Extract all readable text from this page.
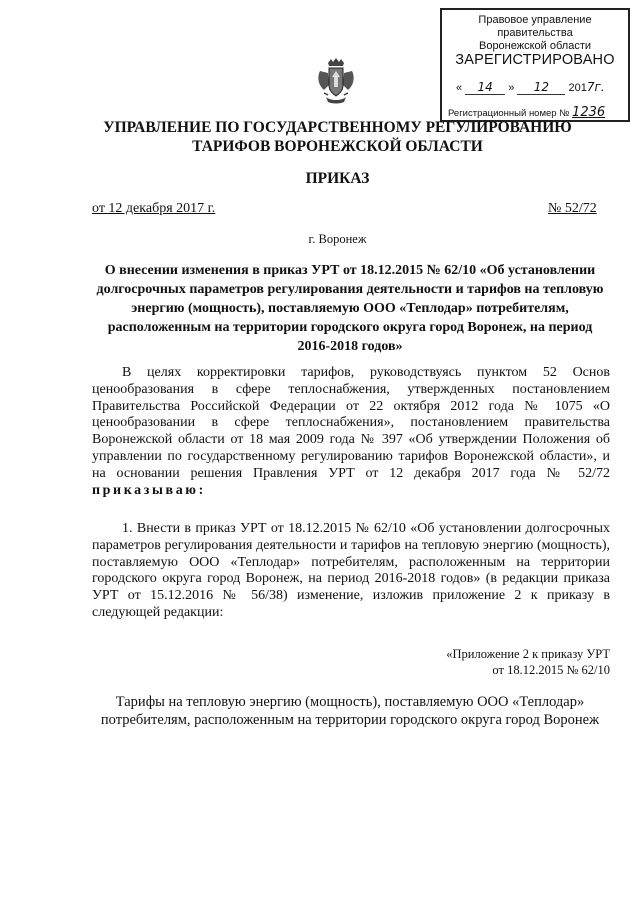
Правовое управление правительства
Воронежской области
ЗАРЕГИСТРИРОВАНО
« 14 » 12 2017г.
Регистрационный номер № 1236
УПРАВЛЕНИЕ ПО ГОСУДАРСТВЕННОМУ РЕГУЛИРОВАНИЮ
ТАРИФОВ ВОРОНЕЖСКОЙ ОБЛАСТИ
ПРИКАЗ
от 12 декабря 2017 г.	№ 52/72
г. Воронеж
О внесении изменения в приказ УРТ от 18.12.2015 № 62/10 «Об установлении долгосрочных параметров регулирования деятельности и тарифов на тепловую энергию (мощность), поставляемую ООО «Теплодар» потребителям, расположенным на территории городского округа город Воронеж, на период 2016-2018 годов»
В целях корректировки тарифов, руководствуясь пунктом 52 Основ ценообразования в сфере теплоснабжения, утвержденных постановлением Правительства Российской Федерации от 22 октября 2012 года № 1075 «О ценообразовании в сфере теплоснабжения», постановлением правительства Воронежской области от 18 мая 2009 года № 397 «Об утверждении Положения об управлении по государственному регулированию тарифов Воронежской области», и на основании решения Правления УРТ от 12 декабря 2017 года № 52/72 приказываю:
1. Внести в приказ УРТ от 18.12.2015 № 62/10 «Об установлении долгосрочных параметров регулирования деятельности и тарифов на тепловую энергию (мощность), поставляемую ООО «Теплодар» потребителям, расположенным на территории городского округа город Воронеж, на период 2016-2018 годов» (в редакции приказа УРТ от 15.12.2016 № 56/38) изменение, изложив приложение 2 к приказу в следующей редакции:
«Приложение 2 к приказу УРТ
от 18.12.2015 № 62/10
Тарифы на тепловую энергию (мощность), поставляемую ООО «Теплодар» потребителям, расположенным на территории городского округа город Воронеж
